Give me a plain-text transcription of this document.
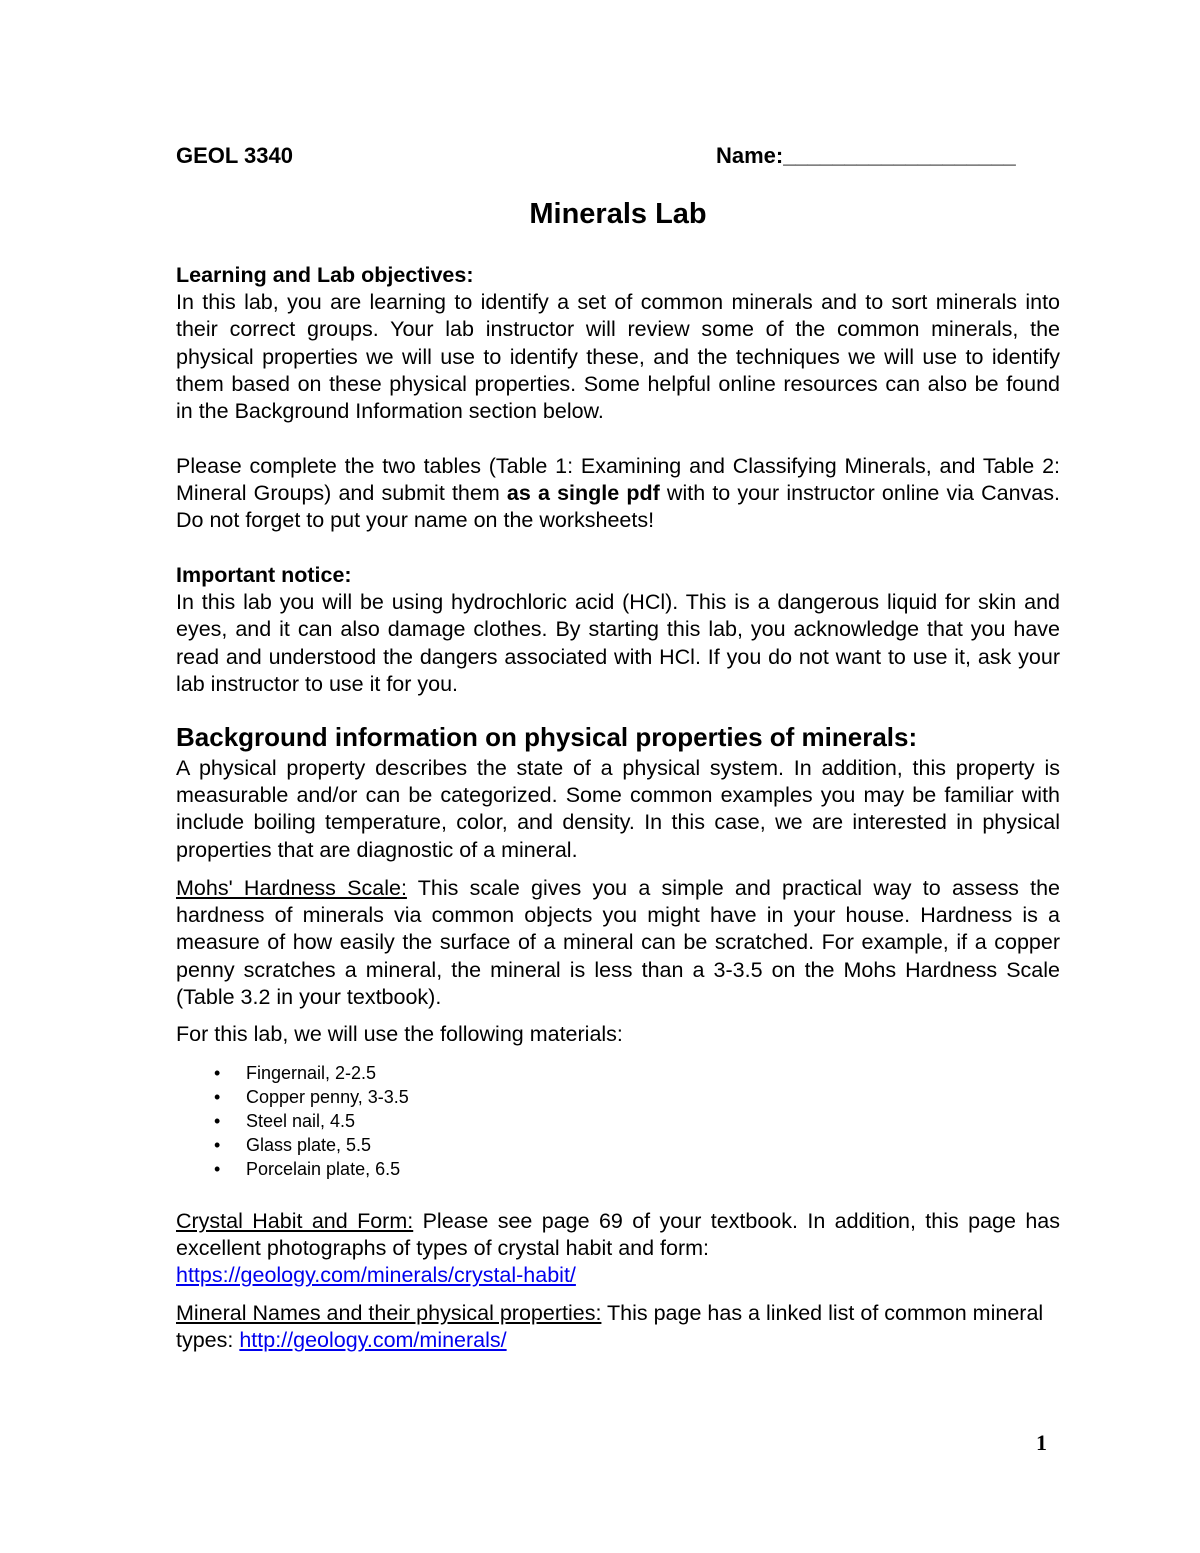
GEOL 3340	Name:___________________
Minerals Lab
Learning and Lab objectives:
In this lab, you are learning to identify a set of common minerals and to sort minerals into their correct groups. Your lab instructor will review some of the common minerals, the physical properties we will use to identify these, and the techniques we will use to identify them based on these physical properties. Some helpful online resources can also be found in the Background Information section below.
Please complete the two tables (Table 1: Examining and Classifying Minerals, and Table 2: Mineral Groups) and submit them as a single pdf with to your instructor online via Canvas. Do not forget to put your name on the worksheets!
Important notice:
In this lab you will be using hydrochloric acid (HCl). This is a dangerous liquid for skin and eyes, and it can also damage clothes. By starting this lab, you acknowledge that you have read and understood the dangers associated with HCl. If you do not want to use it, ask your lab instructor to use it for you.
Background information on physical properties of minerals:
A physical property describes the state of a physical system. In addition, this property is measurable and/or can be categorized. Some common examples you may be familiar with include boiling temperature, color, and density. In this case, we are interested in physical properties that are diagnostic of a mineral.
Mohs' Hardness Scale: This scale gives you a simple and practical way to assess the hardness of minerals via common objects you might have in your house. Hardness is a measure of how easily the surface of a mineral can be scratched. For example, if a copper penny scratches a mineral, the mineral is less than a 3-3.5 on the Mohs Hardness Scale (Table 3.2 in your textbook).
For this lab, we will use the following materials:
• Fingernail, 2-2.5
• Copper penny, 3-3.5
• Steel nail, 4.5
• Glass plate, 5.5
• Porcelain plate, 6.5
Crystal Habit and Form: Please see page 69 of your textbook. In addition, this page has excellent photographs of types of crystal habit and form:
https://geology.com/minerals/crystal-habit/
Mineral Names and their physical properties: This page has a linked list of common mineral types: http://geology.com/minerals/
1
